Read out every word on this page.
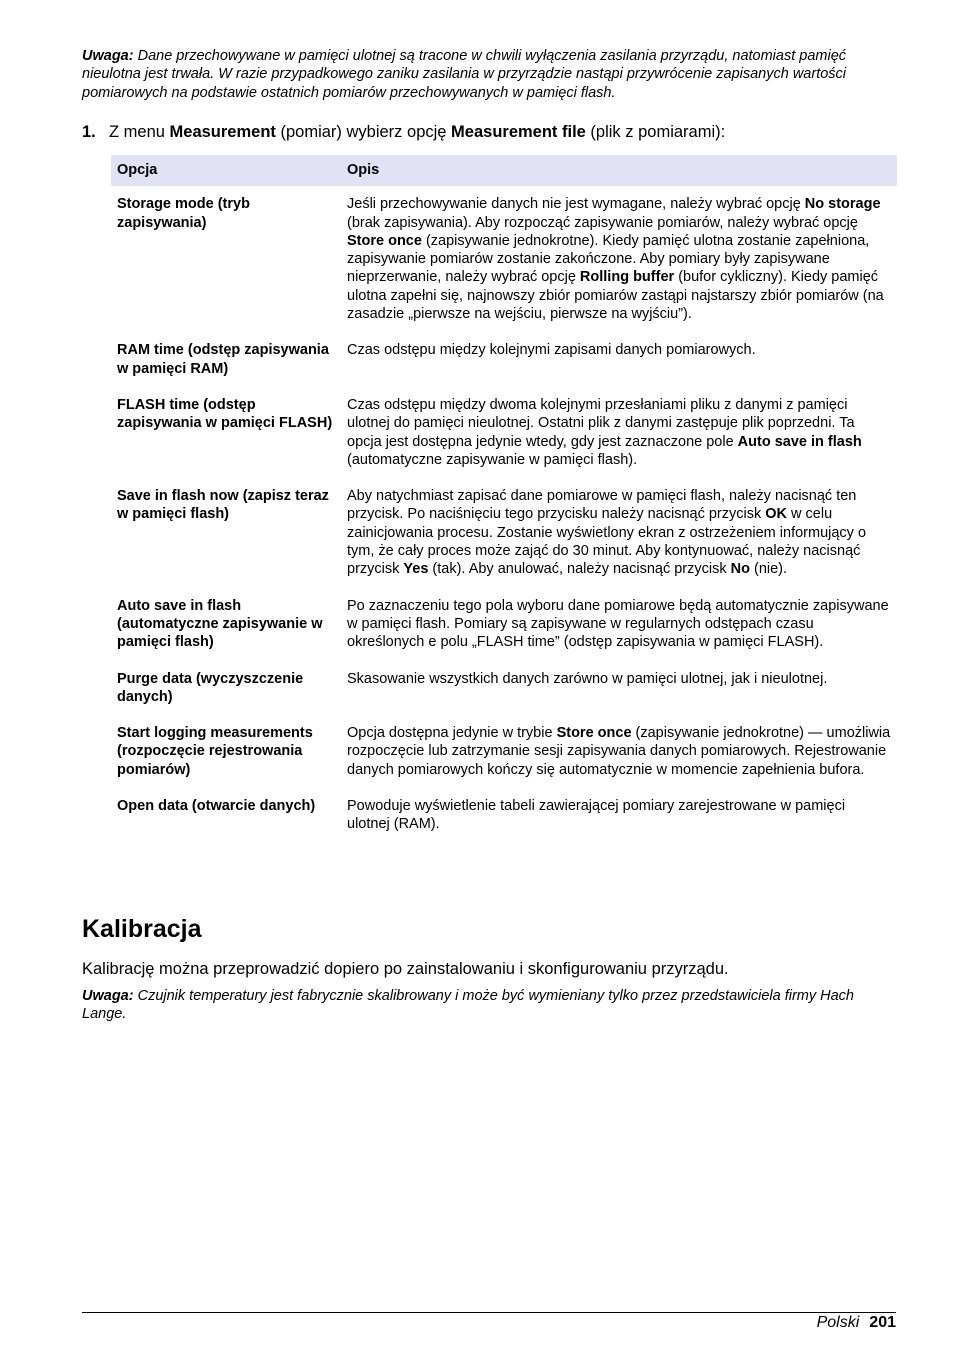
Uwaga: Dane przechowywane w pamięci ulotnej są tracone w chwili wyłączenia zasilania przyrządu, natomiast pamięć nieulotna jest trwała. W razie przypadkowego zaniku zasilania w przyrządzie nastąpi przywrócenie zapisanych wartości pomiarowych na podstawie ostatnich pomiarów przechowywanych w pamięci flash.
1. Z menu Measurement (pomiar) wybierz opcję Measurement file (plik z pomiarami):
Opcja	Opis
Storage mode (tryb zapisywania)	Jeśli przechowywanie danych nie jest wymagane, należy wybrać opcję No storage (brak zapisywania). Aby rozpocząć zapisywanie pomiarów, należy wybrać opcję Store once (zapisywanie jednokrotne). Kiedy pamięć ulotna zostanie zapełniona, zapisywanie pomiarów zostanie zakończone. Aby pomiary były zapisywane nieprzerwanie, należy wybrać opcję Rolling buffer (bufor cykliczny). Kiedy pamięć ulotna zapełni się, najnowszy zbiór pomiarów zastąpi najstarszy zbiór pomiarów (na zasadzie „pierwsze na wejściu, pierwsze na wyjściu”).
RAM time (odstęp zapisywania w pamięci RAM)	Czas odstępu między kolejnymi zapisami danych pomiarowych.
FLASH time (odstęp zapisywania w pamięci FLASH)	Czas odstępu między dwoma kolejnymi przesłaniami pliku z danymi z pamięci ulotnej do pamięci nieulotnej. Ostatni plik z danymi zastępuje plik poprzedni. Ta opcja jest dostępna jedynie wtedy, gdy jest zaznaczone pole Auto save in flash (automatyczne zapisywanie w pamięci flash).
Save in flash now (zapisz teraz w pamięci flash)	Aby natychmiast zapisać dane pomiarowe w pamięci flash, należy nacisnąć ten przycisk. Po naciśnięciu tego przycisku należy nacisnąć przycisk OK w celu zainicjowania procesu. Zostanie wyświetlony ekran z ostrzeżeniem informujący o tym, że cały proces może zająć do 30 minut. Aby kontynuować, należy nacisnąć przycisk Yes (tak). Aby anulować, należy nacisnąć przycisk No (nie).
Auto save in flash (automatyczne zapisywanie w pamięci flash)	Po zaznaczeniu tego pola wyboru dane pomiarowe będą automatycznie zapisywane w pamięci flash. Pomiary są zapisywane w regularnych odstępach czasu określonych e polu „FLASH time” (odstęp zapisywania w pamięci FLASH).
Purge data (wyczyszczenie danych)	Skasowanie wszystkich danych zarówno w pamięci ulotnej, jak i nieulotnej.
Start logging measurements (rozpoczęcie rejestrowania pomiarów)	Opcja dostępna jedynie w trybie Store once (zapisywanie jednokrotne) — umożliwia rozpoczęcie lub zatrzymanie sesji zapisywania danych pomiarowych. Rejestrowanie danych pomiarowych kończy się automatycznie w momencie zapełnienia bufora.
Open data (otwarcie danych)	Powoduje wyświetlenie tabeli zawierającej pomiary zarejestrowane w pamięci ulotnej (RAM).
Kalibracja
Kalibrację można przeprowadzić dopiero po zainstalowaniu i skonfigurowaniu przyrządu.
Uwaga: Czujnik temperatury jest fabrycznie skalibrowany i może być wymieniany tylko przez przedstawiciela firmy Hach Lange.
Polski 201
